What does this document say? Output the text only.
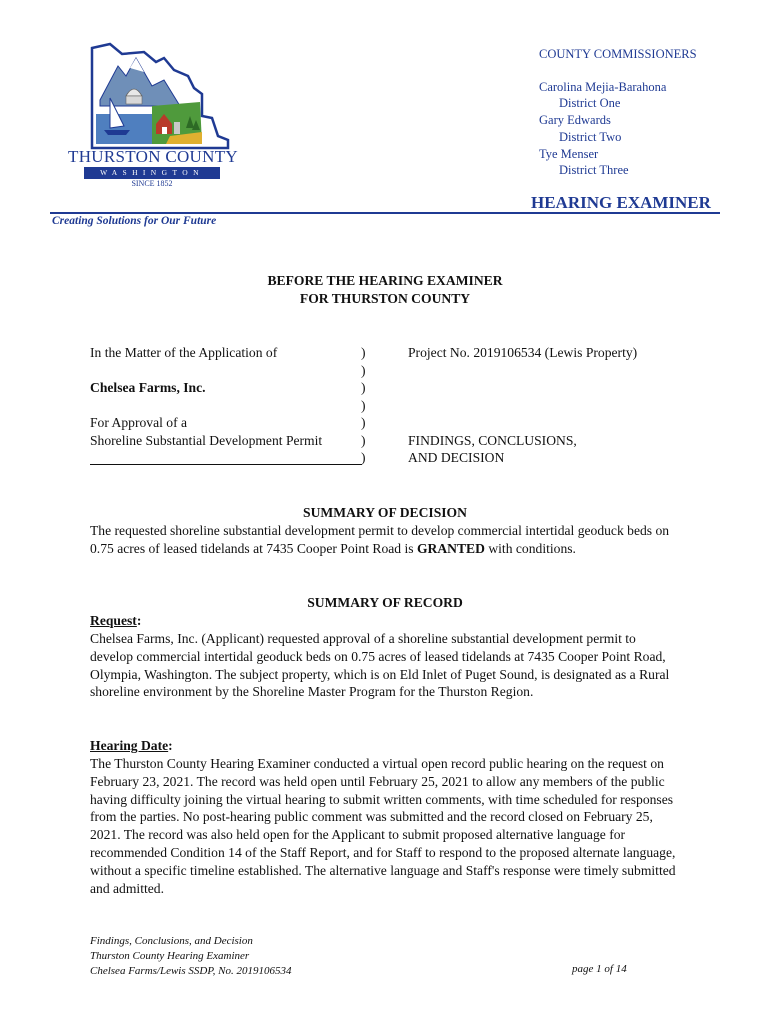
THURSTON COUNTY
WASHINGTON
SINCE 1852
COUNTY COMMISSIONERS
Carolina Mejia-Barahona
District One
Gary Edwards
District Two
Tye Menser
District Three
HEARING EXAMINER
Creating Solutions for Our Future
BEFORE THE HEARING EXAMINER
FOR THURSTON COUNTY
In the Matter of the Application of
Chelsea Farms, Inc.
For Approval of a
Shoreline Substantial Development Permit
)
)
)
)
)
)
)
Project No. 2019106534 (Lewis Property)
FINDINGS, CONCLUSIONS,
AND DECISION
SUMMARY OF DECISION
The requested shoreline substantial development permit to develop commercial intertidal geoduck beds on 0.75 acres of leased tidelands at 7435 Cooper Point Road is GRANTED with conditions.
SUMMARY OF RECORD
Request:
Chelsea Farms, Inc. (Applicant) requested approval of a shoreline substantial development permit to develop commercial intertidal geoduck beds on 0.75 acres of leased tidelands at 7435 Cooper Point Road, Olympia, Washington. The subject property, which is on Eld Inlet of Puget Sound, is designated as a Rural shoreline environment by the Shoreline Master Program for the Thurston Region.
Hearing Date:
The Thurston County Hearing Examiner conducted a virtual open record public hearing on the request on February 23, 2021. The record was held open until February 25, 2021 to allow any members of the public having difficulty joining the virtual hearing to submit written comments, with time scheduled for responses from the parties. No post-hearing public comment was submitted and the record closed on February 25, 2021. The record was also held open for the Applicant to submit proposed alternative language for recommended Condition 14 of the Staff Report, and for Staff to respond to the proposed alternate language, without a specific timeline established. The alternative language and Staff's response were timely submitted and admitted.
Findings, Conclusions, and Decision
Thurston County Hearing Examiner
Chelsea Farms/Lewis SSDP, No. 2019106534	page 1 of 14
